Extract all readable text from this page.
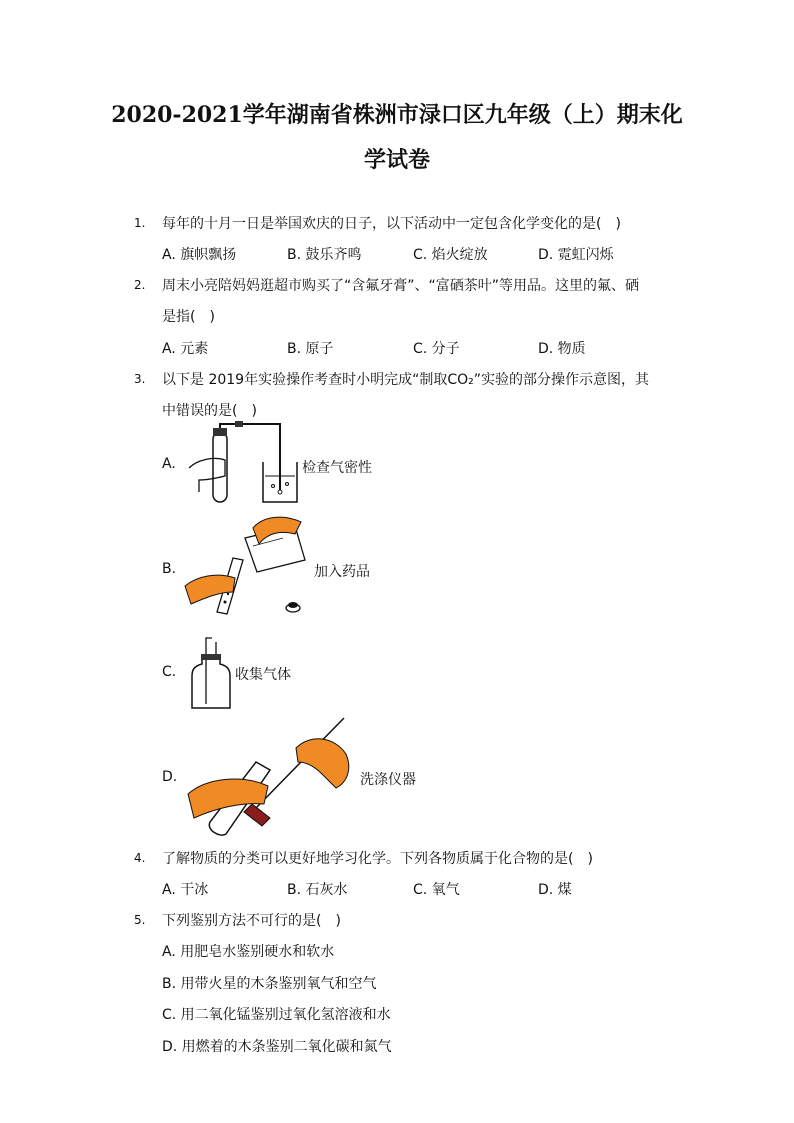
2020-2021学年湖南省株洲市渌口区九年级（上）期末化
学试卷
1. 每年的十月一日是举国欢庆的日子，以下活动中一定包含化学变化的是(　)
A. 旗帜飘扬	B. 鼓乐齐鸣	C. 焰火绽放	D. 霓虹闪烁
2. 周末小亮陪妈妈逛超市购买了“含氟牙膏”、“富硒茶叶”等用品。这里的氟、硒
是指(　)
A. 元素	B. 原子	C. 分子	D. 物质
3. 以下是 2019年实验操作考查时小明完成“制取CO₂”实验的部分操作示意图，其
中错误的是(　)
A.	检查气密性
B.	加入药品
C.	收集气体
D.	洗涤仪器
4. 了解物质的分类可以更好地学习化学。下列各物质属于化合物的是(　)
A. 干冰	B. 石灰水	C. 氧气	D. 煤
5. 下列鉴别方法不可行的是(　)
A. 用肥皂水鉴别硬水和软水
B. 用带火星的木条鉴别氧气和空气
C. 用二氧化锰鉴别过氧化氢溶液和水
D. 用燃着的木条鉴别二氧化碳和氮气
